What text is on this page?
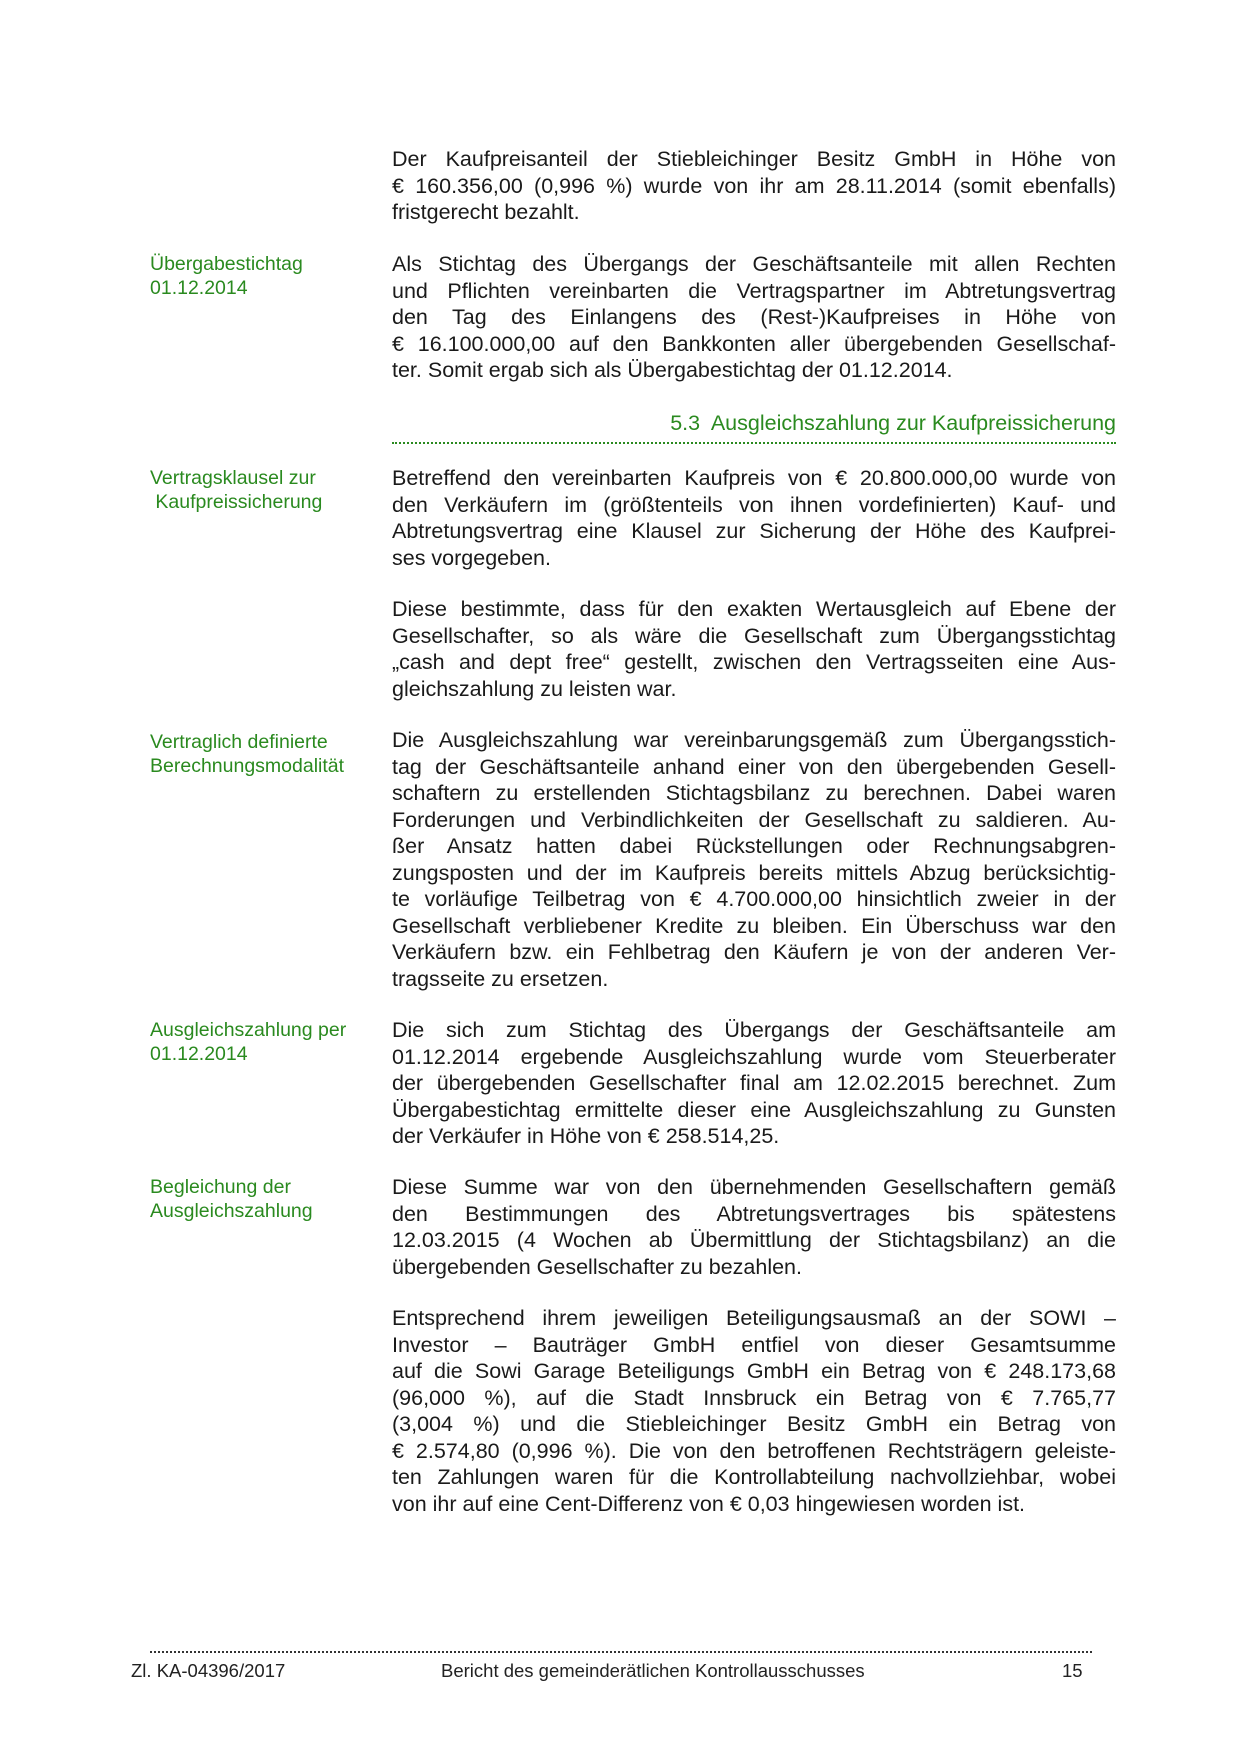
Übergabestichtag
01.12.2014
Vertragsklausel zur
Kaufpreissicherung
Vertraglich definierte
Berechnungsmodalität
Ausgleichszahlung per
01.12.2014
Begleichung der
Ausgleichszahlung
Der Kaufpreisanteil der Stiebleichinger Besitz GmbH in Höhe von
€ 160.356,00 (0,996 %) wurde von ihr am 28.11.2014 (somit ebenfalls)
fristgerecht bezahlt.
Als Stichtag des Übergangs der Geschäftsanteile mit allen Rechten
und Pflichten vereinbarten die Vertragspartner im Abtretungsvertrag
den Tag des Einlangens des (Rest-)Kaufpreises in Höhe von
€ 16.100.000,00 auf den Bankkonten aller übergebenden Gesellschaf-
ter. Somit ergab sich als Übergabestichtag der 01.12.2014.
5.3  Ausgleichszahlung zur Kaufpreissicherung
Betreffend den vereinbarten Kaufpreis von € 20.800.000,00 wurde von
den Verkäufern im (größtenteils von ihnen vordefinierten) Kauf- und
Abtretungsvertrag eine Klausel zur Sicherung der Höhe des Kaufprei-
ses vorgegeben.
Diese bestimmte, dass für den exakten Wertausgleich auf Ebene der
Gesellschafter, so als wäre die Gesellschaft zum Übergangsstichtag
„cash and dept free“ gestellt, zwischen den Vertragsseiten eine Aus-
gleichszahlung zu leisten war.
Die Ausgleichszahlung war vereinbarungsgemäß zum Übergangsstich-
tag der Geschäftsanteile anhand einer von den übergebenden Gesell-
schaftern zu erstellenden Stichtagsbilanz zu berechnen. Dabei waren
Forderungen und Verbindlichkeiten der Gesellschaft zu saldieren. Au-
ßer Ansatz hatten dabei Rückstellungen oder Rechnungsabgren-
zungsposten und der im Kaufpreis bereits mittels Abzug berücksichtig-
te vorläufige Teilbetrag von € 4.700.000,00 hinsichtlich zweier in der
Gesellschaft verbliebener Kredite zu bleiben. Ein Überschuss war den
Verkäufern bzw. ein Fehlbetrag den Käufern je von der anderen Ver-
tragsseite zu ersetzen.
Die sich zum Stichtag des Übergangs der Geschäftsanteile am
01.12.2014 ergebende Ausgleichszahlung wurde vom Steuerberater
der übergebenden Gesellschafter final am 12.02.2015 berechnet. Zum
Übergabestichtag ermittelte dieser eine Ausgleichszahlung zu Gunsten
der Verkäufer in Höhe von € 258.514,25.
Diese Summe war von den übernehmenden Gesellschaftern gemäß
den Bestimmungen des Abtretungsvertrages bis spätestens
12.03.2015 (4 Wochen ab Übermittlung der Stichtagsbilanz) an die
übergebenden Gesellschafter zu bezahlen.
Entsprechend ihrem jeweiligen Beteiligungsausmaß an der SOWI –
Investor – Bauträger GmbH entfiel von dieser Gesamtsumme
auf die Sowi Garage Beteiligungs GmbH ein Betrag von € 248.173,68
(96,000 %), auf die Stadt Innsbruck ein Betrag von € 7.765,77
(3,004 %) und die Stiebleichinger Besitz GmbH ein Betrag von
€ 2.574,80 (0,996 %). Die von den betroffenen Rechtsträgern geleiste-
ten Zahlungen waren für die Kontrollabteilung nachvollziehbar, wobei
von ihr auf eine Cent-Differenz von € 0,03 hingewiesen worden ist.
Zl. KA-04396/2017	Bericht des gemeinderätlichen Kontrollausschusses	15
